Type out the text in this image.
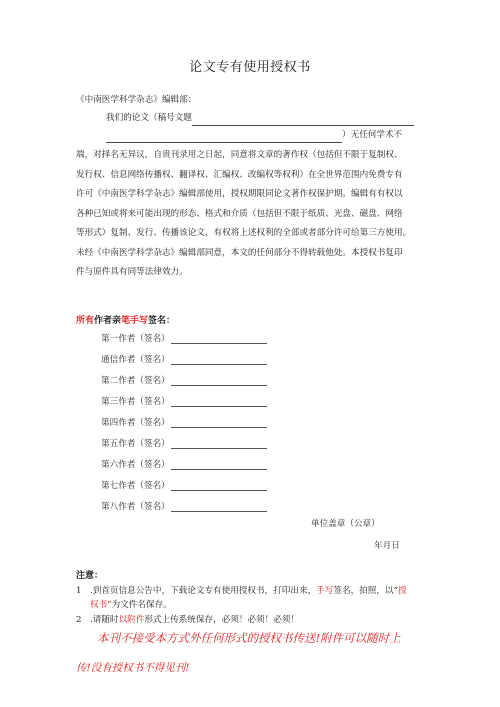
论文专有使用授权书
《中南医学科学杂志》编辑部：
我们的论文（稿号文题
）无任何学术不
端，对择名无异议，自贵刊录用之日起，同意将文章的著作权（包括但不限于复制权、
发行权、信息网络传播权、翻译权、汇编权、改编权等权利）在全世界范围内免费专有
许可《中南医学科学杂志》编辑部使用，授权期限同论文著作权保护期。编辑有有权以
各种已知或将来可能出现的形态、格式和介质（包括但不限于纸质、光盘、磁盘、网络
等形式）复制、发行、传播该论文，有权将上述权利的全部或者部分许可给第三方使用。
未经《中南医学科学杂志》编辑部同意，本文的任何部分不得转载他处。本授权书复印
件与原件具有同等法律效力。
所有作者亲笔手写签名：
第一作者（签名）
通信作者（签名）
第二作者（签名）
第三作者（签名）
第四作者（签名）
第五作者（签名）
第六作者（签名）
第七作者（签名）
第八作者（签名）
单位盖章（公章）
年月日
注意：
1 .到首页信息公告中，下载论文专有使用授权书，打印出来，手写签名，拍照，以“授
权书”为文件名保存。
2 .请随时以附件形式上传系统保存，必须！必须！必须！
本刊不接受本方式外任何形式的授权书传送!附件可以随时上
传!没有授权书不得见刊!
